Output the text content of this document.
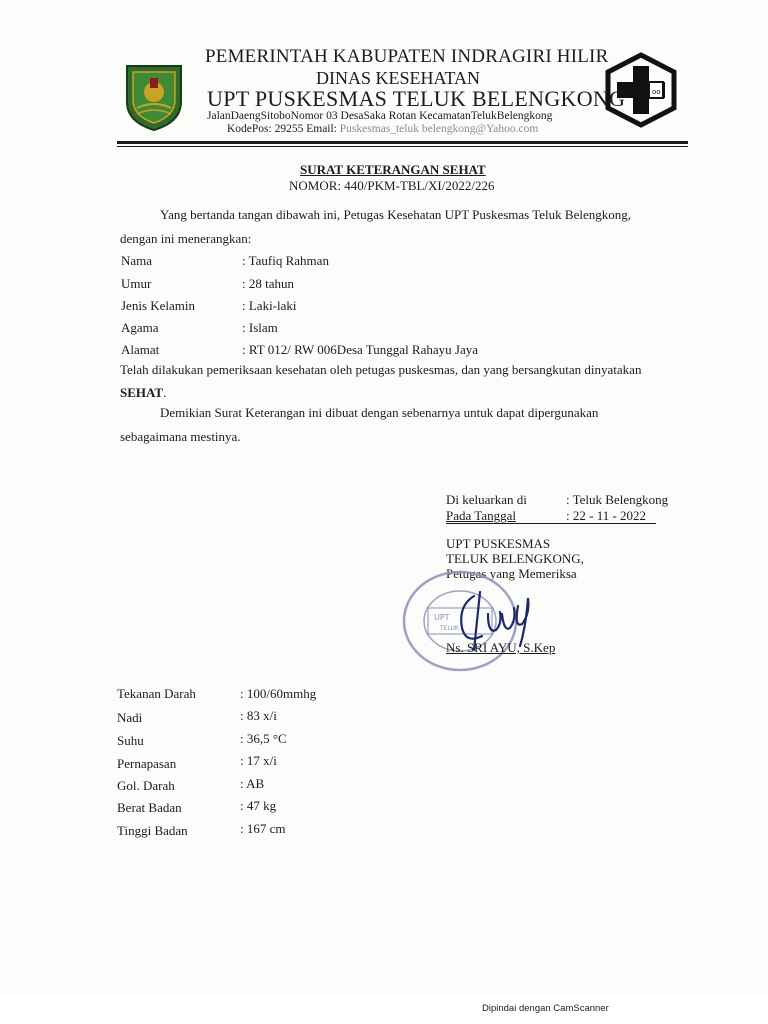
oo
PEMERINTAH KABUPATEN INDRAGIRI HILIR
DINAS KESEHATAN
UPT PUSKESMAS TELUK BELENGKONG
JalanDaengSitoboNomor 03 DesaSaka Rotan KecamatanTelukBelengkong
KodePos: 29255 Email: Puskesmas_teluk belengkong@Yahoo.com
SURAT KETERANGAN SEHAT
NOMOR: 440/PKM-TBL/XI/2022/226
Yang bertanda tangan dibawah ini, Petugas Kesehatan UPT Puskesmas Teluk Belengkong,
dengan ini menerangkan:
Nama	: Taufiq Rahman
Umur	: 28 tahun
Jenis Kelamin	: Laki-laki
Agama	: Islam
Alamat	: RT 012/ RW 006Desa Tunggal Rahayu Jaya
Telah dilakukan pemeriksaan kesehatan oleh petugas puskesmas, dan yang bersangkutan dinyatakan
SEHAT.
Demikian Surat Keterangan ini dibuat dengan sebenarnya untuk dapat dipergunakan
sebagaimana mestinya.
Di keluarkan di	: Teluk Belengkong
Pada Tanggal	: 22 - 11 - 2022
UPT PUSKESMAS
TELUK BELENGKONG,
Petugas yang Memeriksa
UPT
TELUK
Ns. SRI AYU, S.Kep
Tekanan Darah	: 100/60mmhg
Nadi	: 83 x/i
Suhu	: 36,5 °C
Pernapasan	: 17 x/i
Gol. Darah	: AB
Berat Badan	: 47 kg
Tinggi Badan	: 167 cm
Dipindai dengan CamScanner
